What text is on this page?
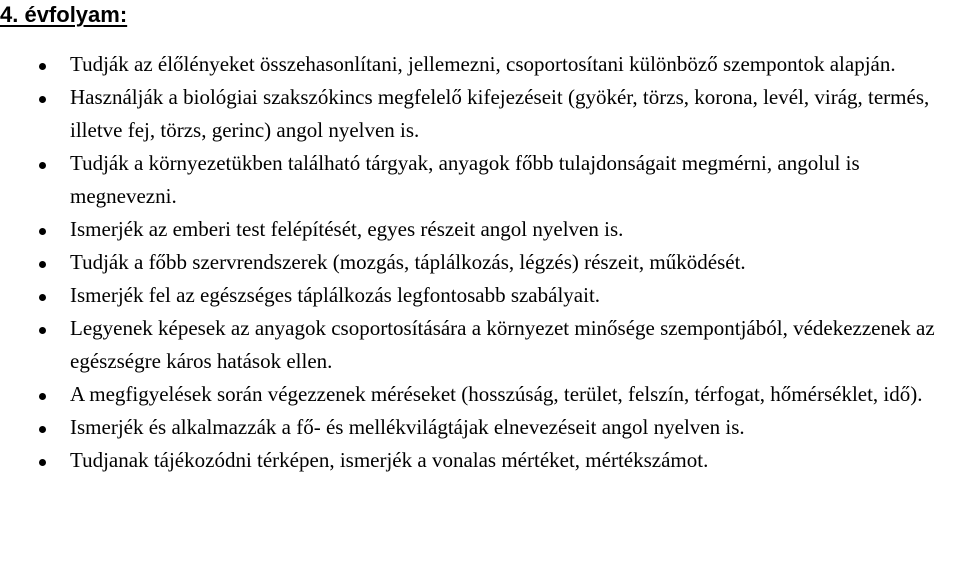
4. évfolyam:
Tudják az élőlényeket összehasonlítani, jellemezni, csoportosítani különböző szempontok alapján.
Használják a biológiai szakszókincs megfelelő kifejezéseit (gyökér, törzs, korona, levél, virág, termés, illetve fej, törzs, gerinc) angol nyelven is.
Tudják a környezetükben található tárgyak, anyagok főbb tulajdonságait megmérni, angolul is megnevezni.
Ismerjék az emberi test felépítését, egyes részeit angol nyelven is.
Tudják a főbb szervrendszerek (mozgás, táplálkozás, légzés) részeit, működését.
Ismerjék fel az egészséges táplálkozás legfontosabb szabályait.
Legyenek képesek az anyagok csoportosítására a környezet minősége szempontjából, védekezzenek az egészségre káros hatások ellen.
A megfigyelések során végezzenek méréseket (hosszúság, terület, felszín, térfogat, hőmérséklet, idő).
Ismerjék és alkalmazzák a fő- és mellékvilágtájak elnevezéseit angol nyelven is.
Tudjanak tájékozódni térképen, ismerjék a vonalas mértéket, mértékszámot.
